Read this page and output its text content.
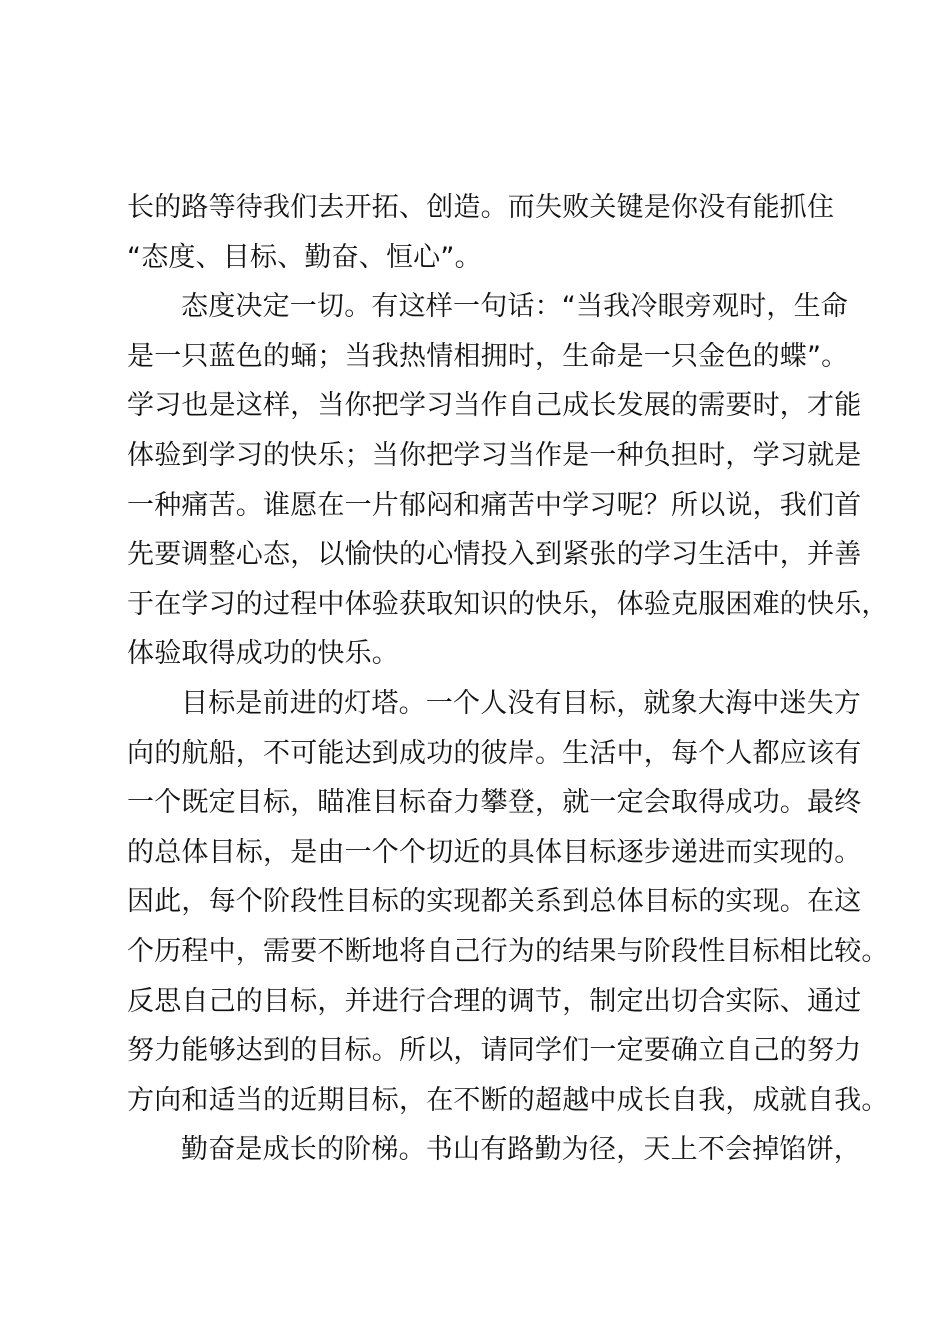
长的路等待我们去开拓、创造。而失败关键是你没有能抓住
“态度、目标、勤奋、恒心”。
态度决定一切。有这样一句话：“当我冷眼旁观时，生命
是一只蓝色的蛹；当我热情相拥时，生命是一只金色的蝶”。
学习也是这样，当你把学习当作自己成长发展的需要时，才能
体验到学习的快乐；当你把学习当作是一种负担时，学习就是
一种痛苦。谁愿在一片郁闷和痛苦中学习呢？所以说，我们首
先要调整心态，以愉快的心情投入到紧张的学习生活中，并善
于在学习的过程中体验获取知识的快乐，体验克服困难的快乐，
体验取得成功的快乐。
目标是前进的灯塔。一个人没有目标，就象大海中迷失方
向的航船，不可能达到成功的彼岸。生活中，每个人都应该有
一个既定目标，瞄准目标奋力攀登，就一定会取得成功。最终
的总体目标，是由一个个切近的具体目标逐步递进而实现的。
因此，每个阶段性目标的实现都关系到总体目标的实现。在这
个历程中，需要不断地将自己行为的结果与阶段性目标相比较。
反思自己的目标，并进行合理的调节，制定出切合实际、通过
努力能够达到的目标。所以，请同学们一定要确立自己的努力
方向和适当的近期目标，在不断的超越中成长自我，成就自我。
勤奋是成长的阶梯。书山有路勤为径，天上不会掉馅饼，
